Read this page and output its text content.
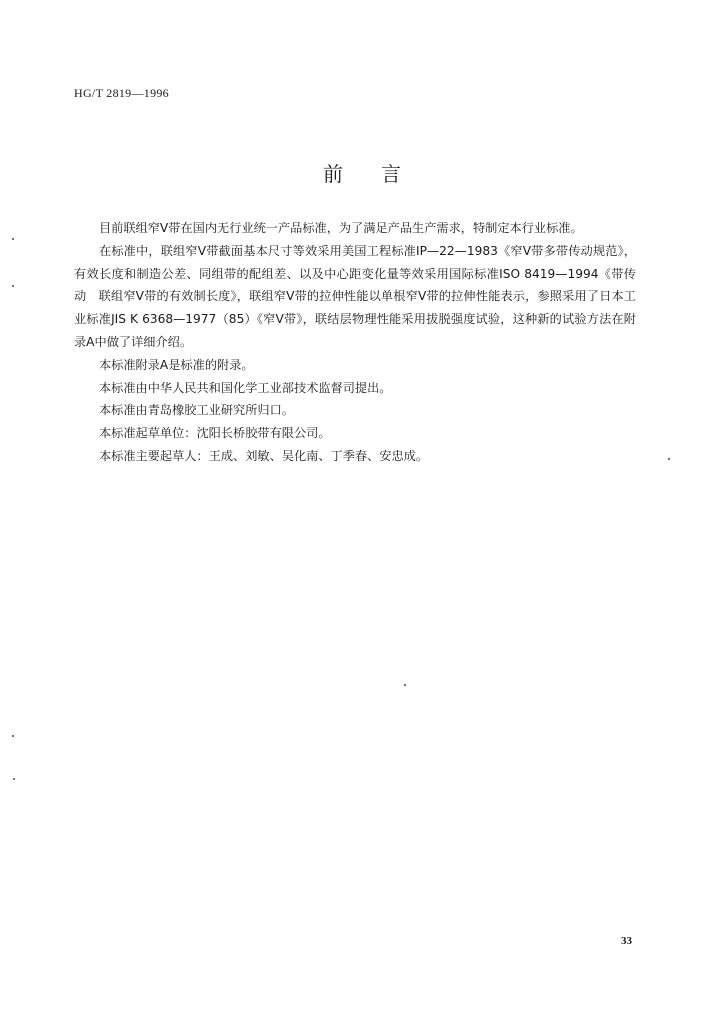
HG/T 2819—1996
前 言

目前联组窄V带在国内无行业统一产品标准，为了满足产品生产需求，特制定本行业标准。

在标准中，联组窄V带截面基本尺寸等效采用美国工程标准IP—22—1983《窄V带多带传动规范》，有效长度和制造公差、同组带的配组差、以及中心距变化量等效采用国际标准ISO 8419—1994《带传动　联组窄V带的有效制长度》，联组窄V带的拉伸性能以单根窄V带的拉伸性能表示，参照采用了日本工业标准JIS K 6368—1977（85）《窄V带》，联结层物理性能采用拔脱强度试验，这种新的试验方法在附录A中做了详细介绍。

本标准附录A是标准的附录。

本标准由中华人民共和国化学工业部技术监督司提出。

本标准由青岛橡胶工业研究所归口。

本标准起草单位：沈阳长桥胶带有限公司。

本标准主要起草人：王成、刘敏、吴化南、丁季春、安忠成。

33
